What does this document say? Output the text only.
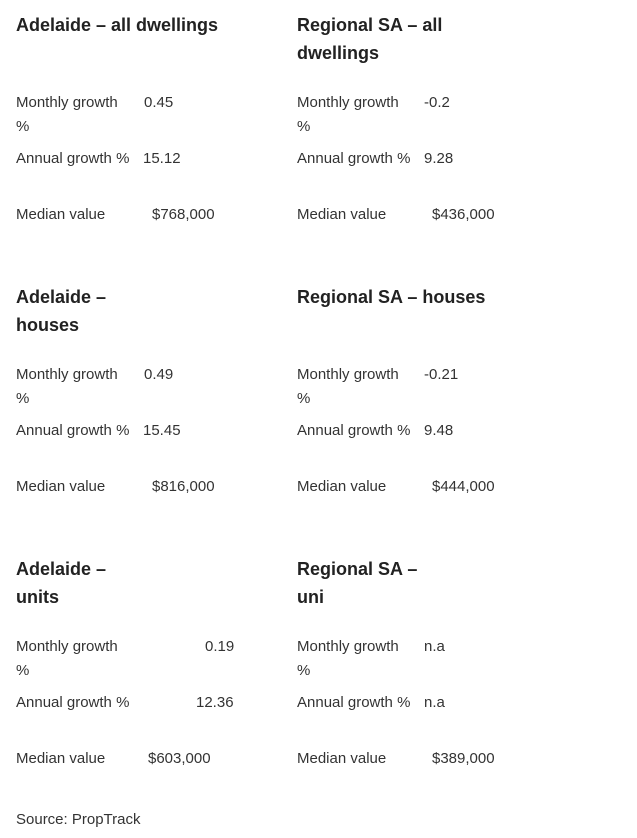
Adelaide – all dwellings
Monthly growth 0.45
%
Annual growth % 15.12
Median value	$768,000
Regional SA – all dwellings
Monthly growth -0.2
%
Annual growth % 9.28
Median value	$436,000
Adelaide – houses
Monthly growth 0.49
%
Annual growth % 15.45
Median value	$816,000
Regional SA – houses
Monthly growth -0.21
%
Annual growth % 9.48
Median value	$444,000
Adelaide – units
Monthly growth	0.19
%
Annual growth %	12.36
Median value	$603,000
Regional SA – uni
Monthly growth n.a
%
Annual growth % n.a
Median value	$389,000
Source: PropTrack
